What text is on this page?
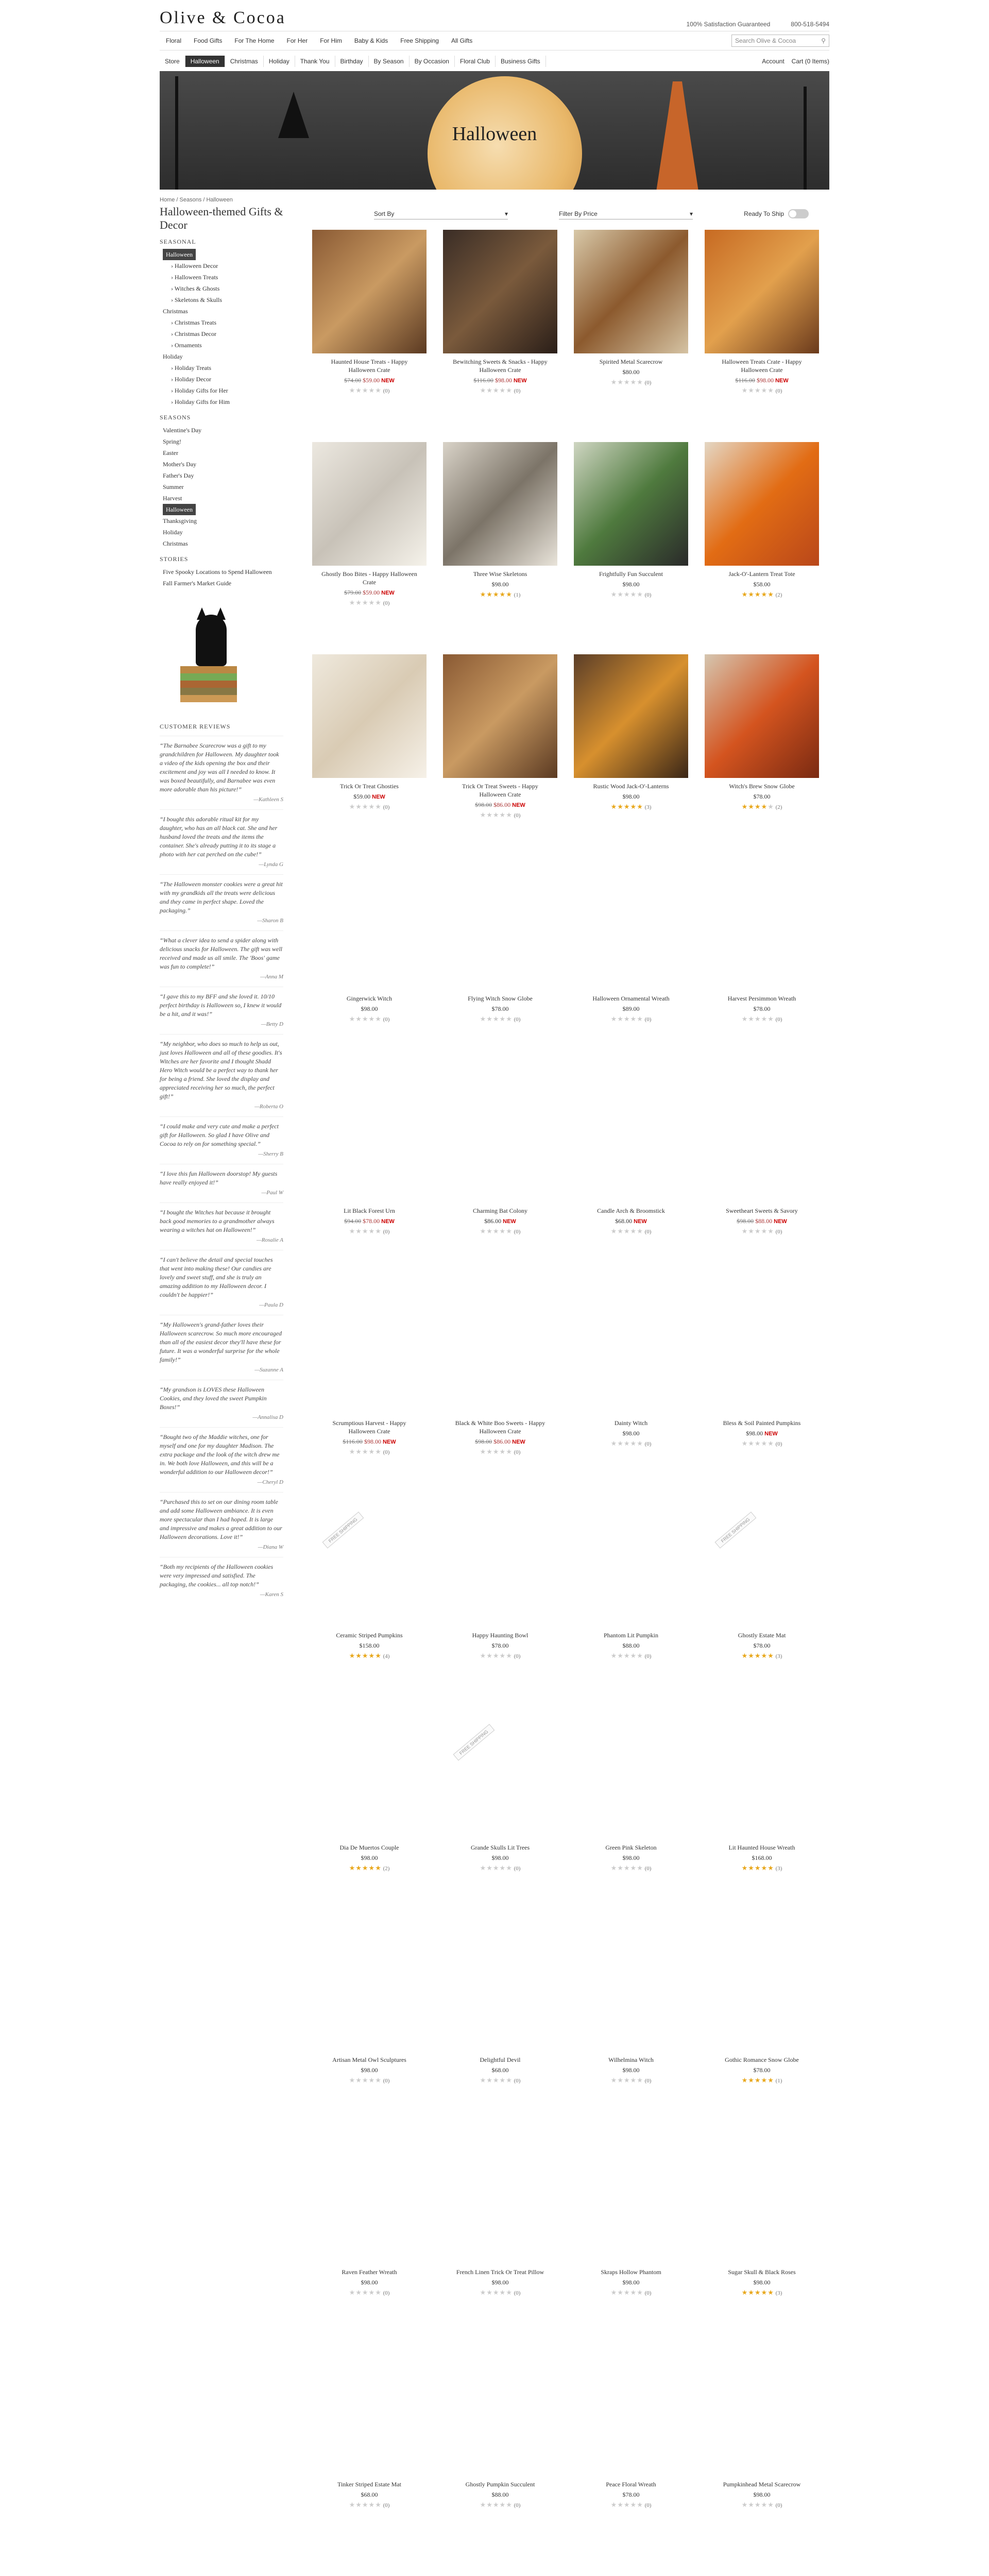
Olive & Cocoa	100% Satisfaction Guaranteed	800-518-5494
Floral	Food Gifts	For The Home	For Her	For Him	Baby & Kids	Free Shipping	All Gifts	Search Olive & Cocoa	⚲
Store	Halloween	Christmas	Holiday	Thank You	Birthday	By Season	By Occasion	Floral Club	Business Gifts	Account Cart (0 Items)
Halloween
Home / Seasons / Halloween
Halloween-themed Gifts & Decor
SEASONAL
Halloween

› Halloween Decor
› Halloween Treats
› Witches & Ghosts
› Skeletons & Skulls
Christmas
› Christmas Treats
› Christmas Decor
› Ornaments
Holiday
› Holiday Treats
› Holiday Decor
› Holiday Gifts for Her
› Holiday Gifts for Him
SEASONS
Valentine's Day
Spring!
Easter
Mother's Day
Father's Day
Summer
Harvest
Halloween

Thanksgiving
Holiday
Christmas
STORIES
Five Spooky Locations to Spend Halloween
Fall Farmer's Market Guide
CUSTOMER REVIEWS
“The Barnabee Scarecrow was a gift to my grandchildren for Halloween. My daughter took a video of the kids opening the box and their excitement and joy was all I needed to know. It was boxed beautifully, and Barnabee was even more adorable than his picture!”
—Kathleen S
“I bought this adorable ritual kit for my daughter, who has an all black cat. She and her husband loved the treats and the items the container. She's already putting it to its stage a photo with her cat perched on the cube!”
—Lynda G
“The Halloween monster cookies were a great hit with my grandkids all the treats were delicious and they came in perfect shape. Loved the packaging.”
—Sharon B
“What a clever idea to send a spider along with delicious snacks for Halloween. The gift was well received and made us all smile. The 'Boos' game was fun to complete!”
—Anna M
“I gave this to my BFF and she loved it. 10/10 perfect birthday is Halloween so, I knew it would be a hit, and it was!”
—Betty D
“My neighbor, who does so much to help us out, just loves Halloween and all of these goodies. It's Witches are her favorite and I thought Shadd Hero Witch would be a perfect way to thank her for being a friend. She loved the display and appreciated receiving her so much, the perfect gift!”
—Roberta O
“I could make and very cute and make a perfect gift for Halloween. So glad I have Olive and Cocoa to rely on for something special.”
—Sherry B
“I love this fun Halloween doorstop! My guests have really enjoyed it!”
—Paul W
“I bought the Witches hat because it brought back good memories to a grandmother always wearing a witches hat on Halloween!”
—Rosalie A
“I can't believe the detail and special touches that went into making these! Our candies are lovely and sweet stuff, and she is truly an amazing addition to my Halloween decor. I couldn't be happier!”
—Paula D
“My Halloween's grand-father loves their Halloween scarecrow. So much more encouraged than all of the easiest decor they'll have these for future. It was a wonderful surprise for the whole family!”
—Suzanne A
“My grandson is LOVES these Halloween Cookies, and they loved the sweet Pumpkin Boxes!”
—Annalisa D
“Bought two of the Maddie witches, one for myself and one for my daughter Madison. The extra package and the look of the witch drew me in. We both love Halloween, and this will be a wonderful addition to our Halloween decor!”
—Cheryl D
“Purchased this to set on our dining room table and add some Halloween ambiance. It is even more spectacular than I had hoped. It is large and impressive and makes a great addition to our Halloween decorations. Love it!”
—Diana W
“Both my recipients of the Halloween cookies were very impressed and satisfied. The packaging, the cookies... all top notch!”
—Karen S
Sort By	▾	Filter By Price	▾	Ready To Ship
Haunted House Treats - Happy Halloween Crate
$74.00 $59.00 NEW
★★★★★ (0)
Bewitching Sweets & Snacks - Happy Halloween Crate
$116.00 $98.00 NEW
★★★★★ (0)
Spirited Metal Scarecrow
$80.00
★★★★★ (0)
Halloween Treats Crate - Happy Halloween Crate
$116.00 $98.00 NEW
★★★★★ (0)
Ghostly Boo Bites - Happy Halloween Crate
$79.00 $59.00 NEW
★★★★★ (0)
Three Wise Skeletons
$98.00
★★★★★ (1)
Frightfully Fun Succulent
$98.00
★★★★★ (0)
Jack-O'-Lantern Treat Tote
$58.00
★★★★★ (2)
Trick Or Treat Ghosties
$59.00 NEW
★★★★★ (0)
Trick Or Treat Sweets - Happy Halloween Crate
$98.00 $86.00 NEW
★★★★★ (0)
Rustic Wood Jack-O'-Lanterns
$98.00
★★★★★ (3)
Witch's Brew Snow Globe
$78.00
★★★★★ (2)
Gingerwick Witch
$98.00
★★★★★ (0)
Flying Witch Snow Globe
$78.00
★★★★★ (0)
Halloween Ornamental Wreath
$89.00
★★★★★ (0)
Harvest Persimmon Wreath
$78.00
★★★★★ (0)
Lit Black Forest Urn
$94.00 $78.00 NEW
★★★★★ (0)
Charming Bat Colony
$86.00 NEW
★★★★★ (0)
Candle Arch & Broomstick
$68.00 NEW
★★★★★ (0)
Sweetheart Sweets & Savory
$98.00 $88.00 NEW
★★★★★ (0)
Scrumptious Harvest - Happy Halloween Crate
$116.00 $98.00 NEW
★★★★★ (0)
Black & White Boo Sweets - Happy Halloween Crate
$98.00 $86.00 NEW
★★★★★ (0)
Dainty Witch
$98.00
★★★★★ (0)
Bless & Soil Painted Pumpkins
$98.00 NEW
★★★★★ (0)
FREE SHIPPING
Ceramic Striped Pumpkins
$158.00
★★★★★ (4)
Happy Haunting Bowl
$78.00
★★★★★ (0)
Phantom Lit Pumpkin
$88.00
★★★★★ (0)
FREE SHIPPING
Ghostly Estate Mat
$78.00
★★★★★ (3)
Dia De Muertos Couple
$98.00
★★★★★ (2)
FREE SHIPPING
Grande Skulls Lit Trees
$98.00
★★★★★ (0)
Green Pink Skeleton
$98.00
★★★★★ (0)
Lit Haunted House Wreath
$168.00
★★★★★ (3)
Artisan Metal Owl Sculptures
$98.00
★★★★★ (0)
Delightful Devil
$68.00
★★★★★ (0)
Wilhelmina Witch
$98.00
★★★★★ (0)
Gothic Romance Snow Globe
$78.00
★★★★★ (1)
Raven Feather Wreath
$98.00
★★★★★ (0)
French Linen Trick Or Treat Pillow
$98.00
★★★★★ (0)
Skraps Hollow Phantom
$98.00
★★★★★ (0)
Sugar Skull & Black Roses
$98.00
★★★★★ (3)
Tinker Striped Estate Mat
$68.00
★★★★★ (0)
Ghostly Pumpkin Succulent
$88.00
★★★★★ (0)
Peace Floral Wreath
$78.00
★★★★★ (0)
Pumpkinhead Metal Scarecrow
$98.00
★★★★★ (0)
